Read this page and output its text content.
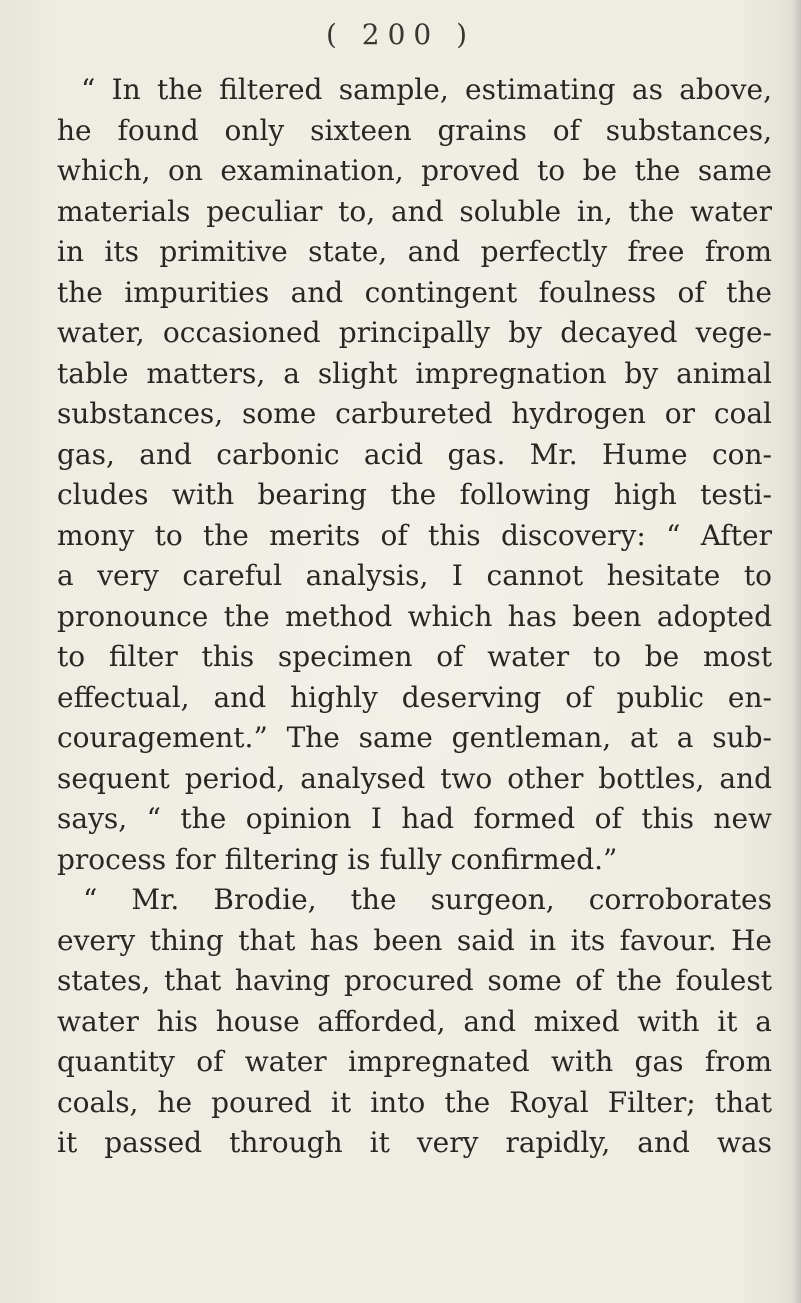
( 200 )
“ In the filtered sample, estimating as above,
he found only sixteen grains of substances,
which, on examination, proved to be the same
materials peculiar to, and soluble in, the water
in its primitive state, and perfectly free from
the impurities and contingent foulness of the
water, occasioned principally by decayed vege-
table matters, a slight impregnation by animal
substances, some carbureted hydrogen or coal
gas, and carbonic acid gas. Mr. Hume con-
cludes with bearing the following high testi-
mony to the merits of this discovery: “ After
a very careful analysis, I cannot hesitate to
pronounce the method which has been adopted
to filter this specimen of water to be most
effectual, and highly deserving of public en-
couragement.” The same gentleman, at a sub-
sequent period, analysed two other bottles, and
says, “ the opinion I had formed of this new
process for filtering is fully confirmed.”
“ Mr. Brodie, the surgeon, corroborates
every thing that has been said in its favour. He
states, that having procured some of the foulest
water his house afforded, and mixed with it a
quantity of water impregnated with gas from
coals, he poured it into the Royal Filter; that
it passed through it very rapidly, and was
